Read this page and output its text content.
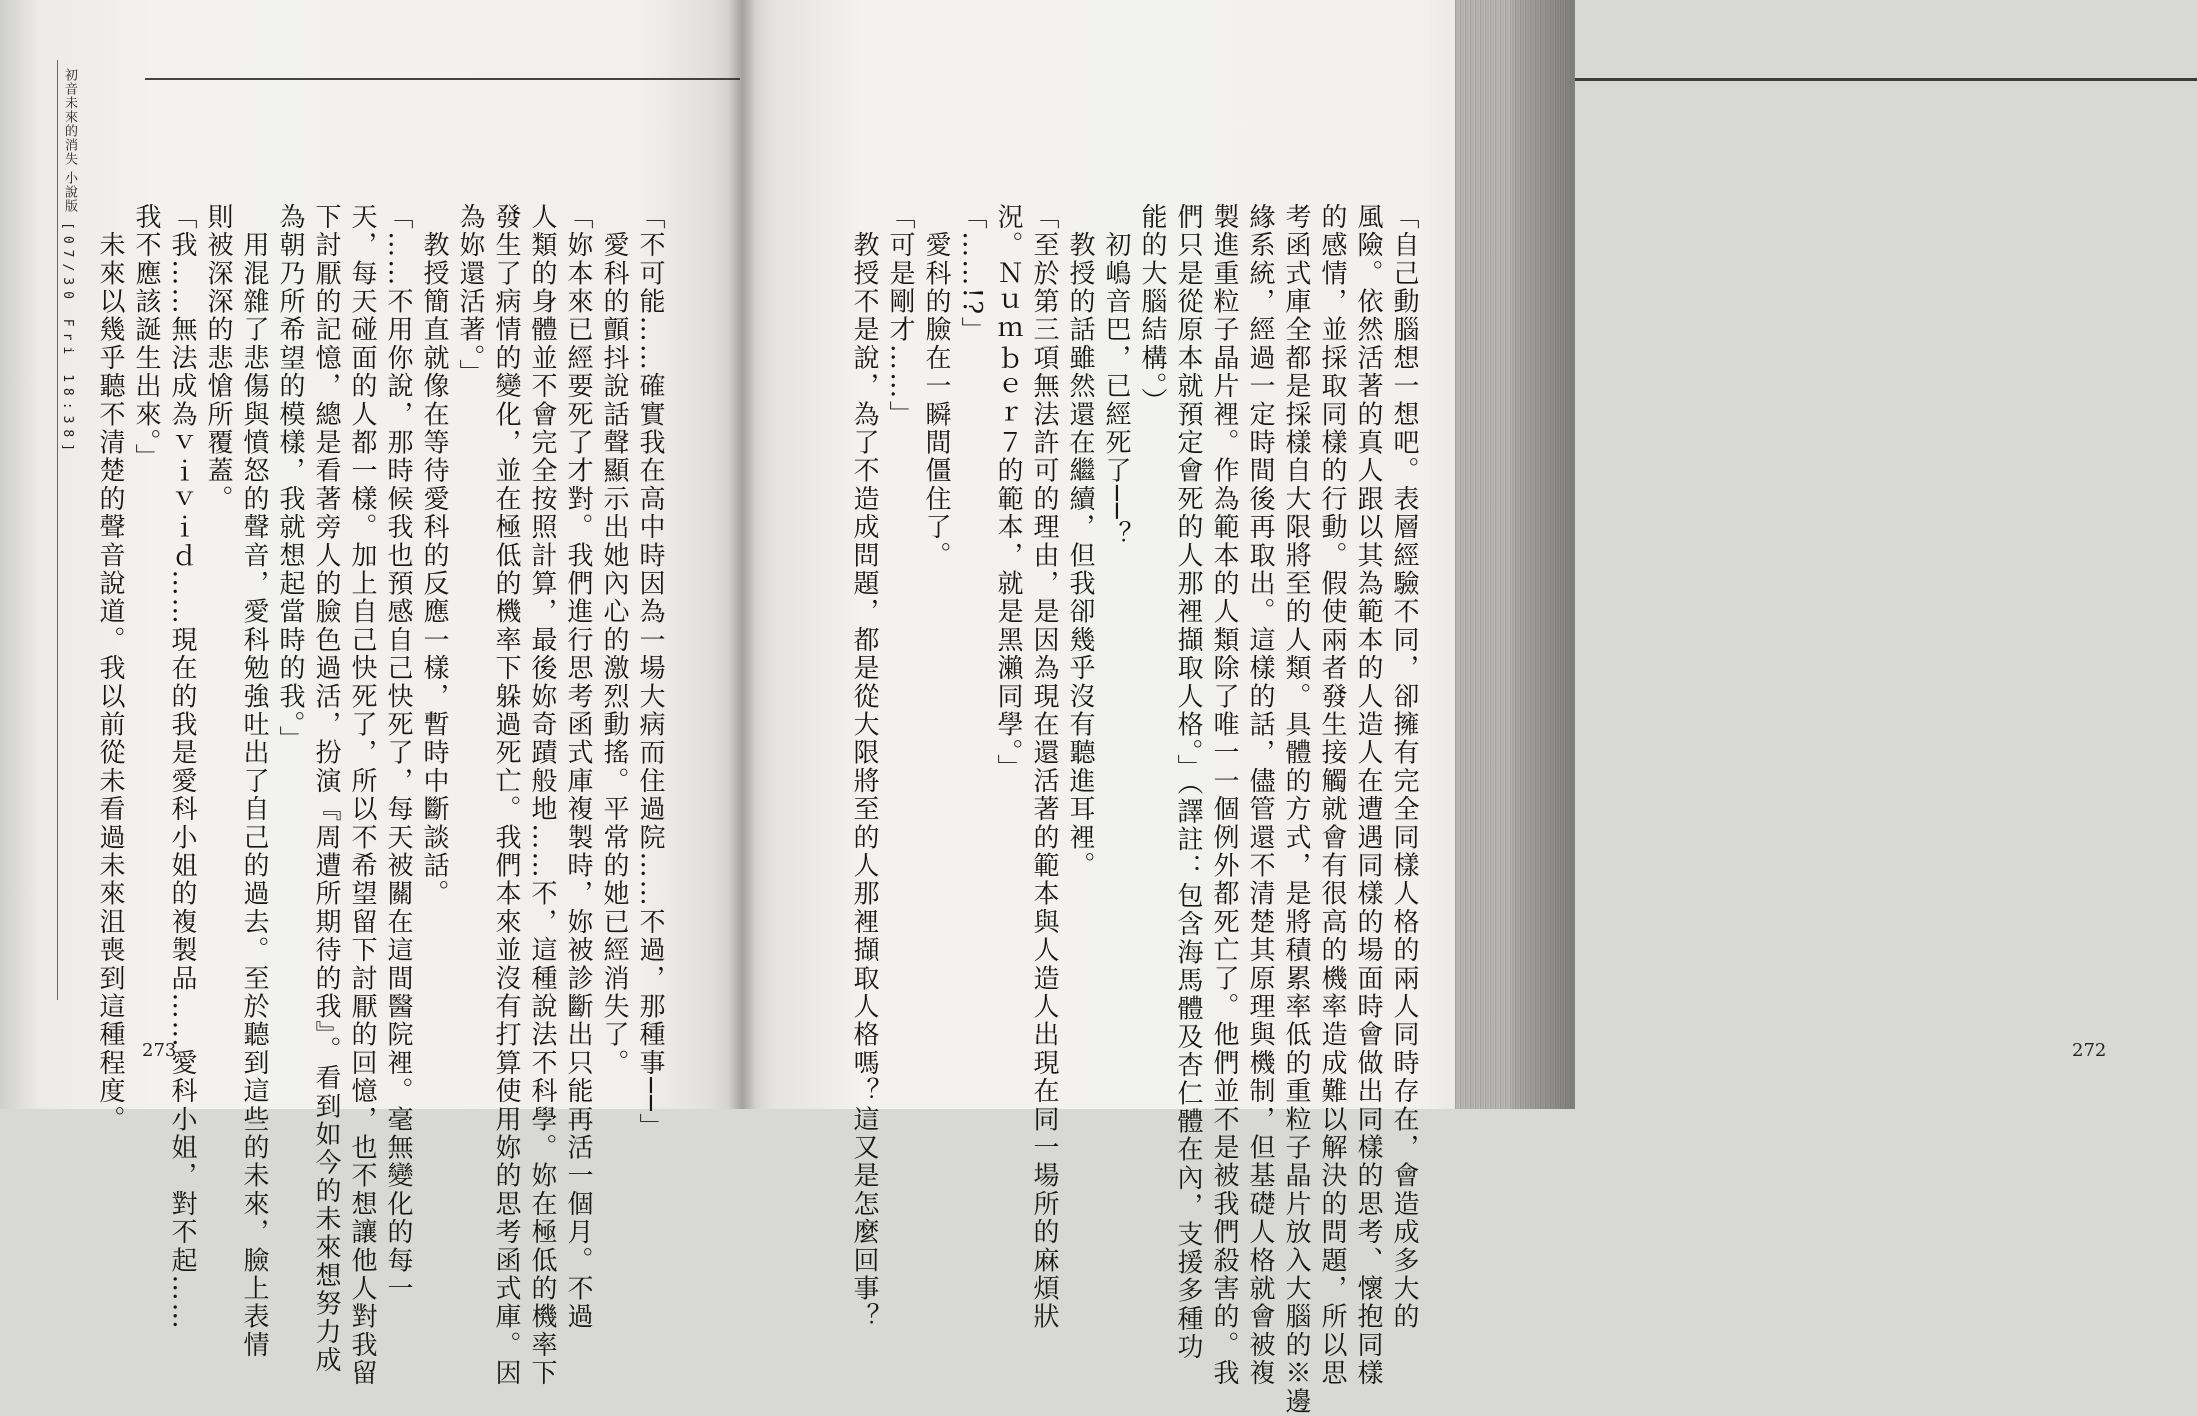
初音未來的消失 小說版
[07/30 Fri 18:38]	「不可能……確實我在高中時因為一場大病而住過院……不過，那種事──」
　愛科的顫抖說話聲顯示出她內心的激烈動搖。平常的她已經消失了。
「妳本來已經要死了才對。我們進行思考函式庫複製時，妳被診斷出只能再活一個月。不過
人類的身體並不會完全按照計算，最後妳奇蹟般地……不，這種說法不科學。妳在極低的機率下
發生了病情的變化，並在極低的機率下躲過死亡。我們本來並沒有打算使用妳的思考函式庫。因
為妳還活著。」
　教授簡直就像在等待愛科的反應一樣，暫時中斷談話。
「……不用你說，那時候我也預感自己快死了，每天被關在這間醫院裡。毫無變化的每一
天，每天碰面的人都一樣。加上自己快死了，所以不希望留下討厭的回憶，也不想讓他人對我留
下討厭的記憶，總是看著旁人的臉色過活，扮演『周遭所期待的我』。看到如今的未來想努力成
為朝乃所希望的模樣，我就想起當時的我。」
　用混雜了悲傷與憤怒的聲音，愛科勉強吐出了自己的過去。至於聽到這些的未來，臉上表情
則被深深的悲愴所覆蓋。
「我……無法成為ｖｉｖｉｄ……現在的我是愛科小姐的複製品……愛科小姐，對不起……
我不應該誕生出來。」
　未來以幾乎聽不清楚的聲音說道。我以前從未看過未來沮喪到這種程度。 273	「自己動腦想一想吧。表層經驗不同，卻擁有完全同樣人格的兩人同時存在，會造成多大的
風險。依然活著的真人跟以其為範本的人造人在遭遇同樣的場面時會做出同樣的思考、懷抱同樣
的感情，並採取同樣的行動。假使兩者發生接觸就會有很高的機率造成難以解決的問題，所以思
考函式庫全都是採樣自大限將至的人類。具體的方式，是將積累率低的重粒子晶片放入大腦的※邊
緣系統，經過一定時間後再取出。這樣的話，儘管還不清楚其原理與機制，但基礎人格就會被複
製進重粒子晶片裡。作為範本的人類除了唯一一個例外都死亡了。他們並不是被我們殺害的。我
們只是從原本就預定會死的人那裡擷取人格。」（譯註：包含海馬體及杏仁體在內，支援多種功
能的大腦結構。）
　初嶋音巴，已經死了──？
　教授的話雖然還在繼續，但我卻幾乎沒有聽進耳裡。
「至於第三項無法許可的理由，是因為現在還活著的範本與人造人出現在同一場所的麻煩狀
況。Ｎｕｍｂｅｒ７的範本，就是黑瀨同學。」
「……!?」
　愛科的臉在一瞬間僵住了。
「可是剛才……」
　教授不是說，為了不造成問題，都是從大限將至的人那裡擷取人格嗎？這又是怎麼回事？	272
